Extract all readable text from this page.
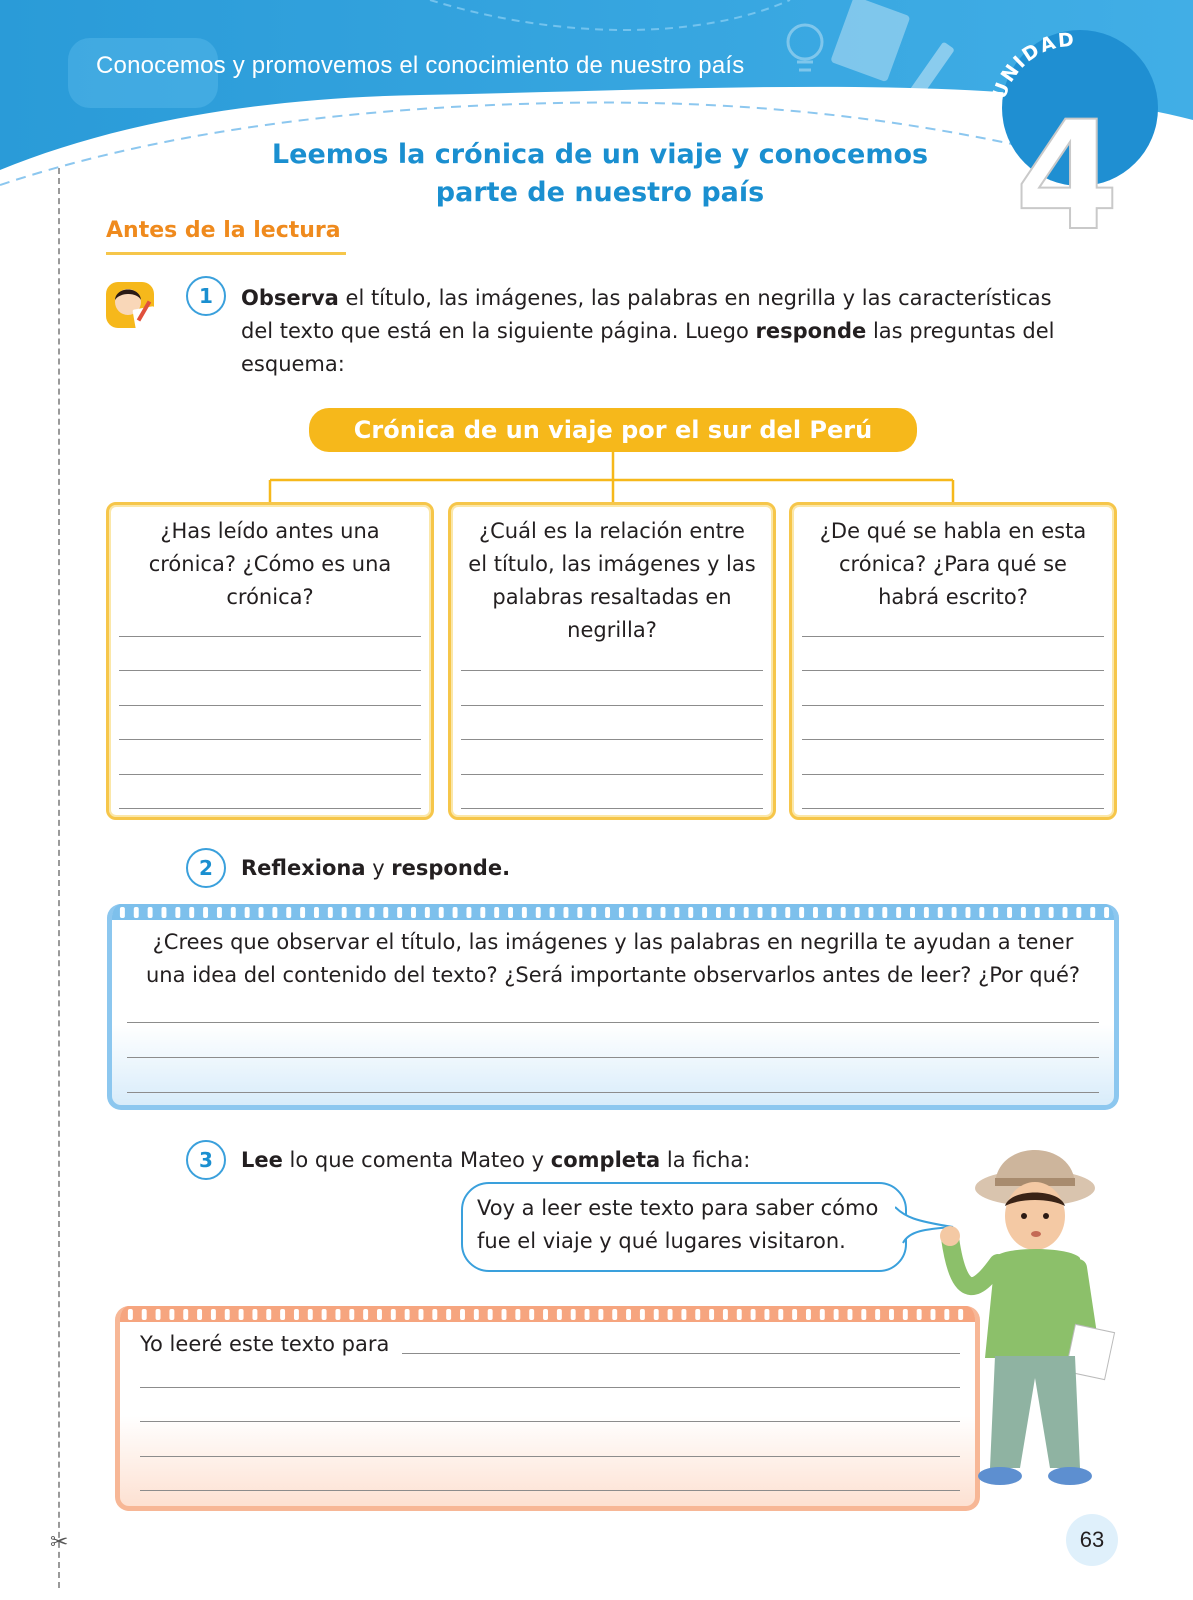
Conocemos y promovemos el conocimiento de nuestro país
UNIDAD
4
Leemos la crónica de un viaje y conocemos
parte de nuestro país
Antes de la lectura
✂
1	Observa el título, las imágenes, las palabras en negrilla y las características
del texto que está en la siguiente página. Luego responde las preguntas del
esquema:
Crónica de un viaje por el sur del Perú
¿Has leído antes una
crónica? ¿Cómo es una
crónica?
¿Cuál es la relación entre
el título, las imágenes y las
palabras resaltadas en
negrilla?
¿De qué se habla en esta
crónica? ¿Para qué se
habrá escrito?
2	Reflexiona y responde.
¿Crees que observar el título, las imágenes y las palabras en negrilla te ayudan a tener
una idea del contenido del texto? ¿Será importante observarlos antes de leer? ¿Por qué?
3	Lee lo que comenta Mateo y completa la ficha:
Voy a leer este texto para saber cómo
fue el viaje y qué lugares visitaron.
Yo leeré este texto para
63
